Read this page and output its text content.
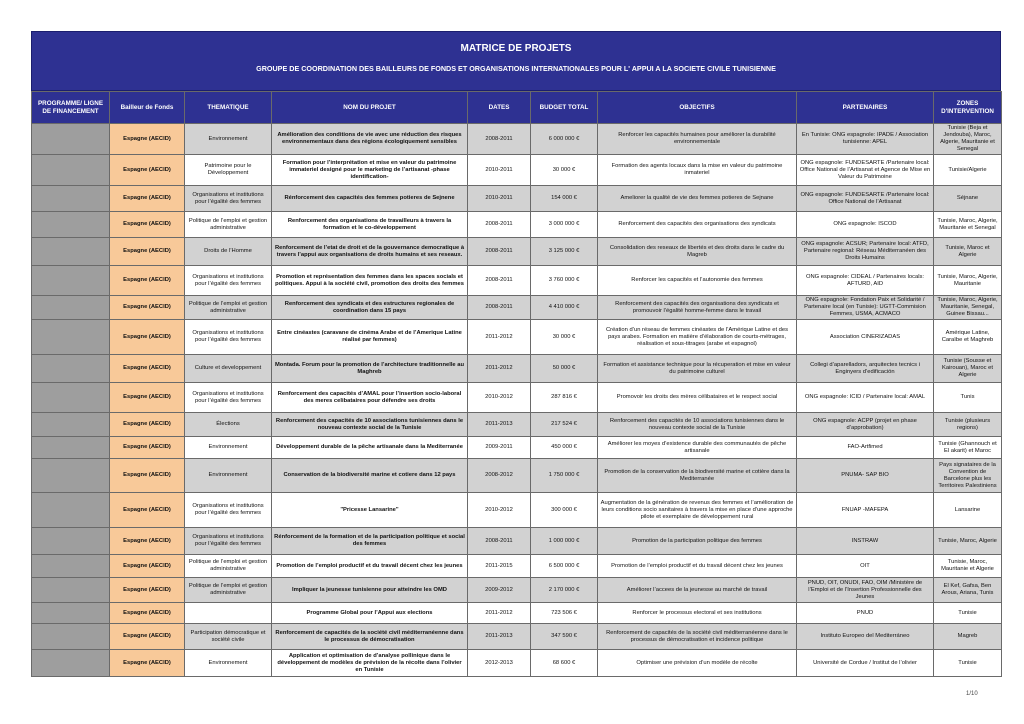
MATRICE DE PROJETS
GROUPE DE COORDINATION DES BAILLEURS DE FONDS ET ORGANISATIONS INTERNATIONALES POUR L' APPUI A LA SOCIETE CIVILE TUNISIENNE
PROGRAMME/ LIGNE DE FINANCEMENT	Bailleur de Fonds	THEMATIQUE	NOM DU PROJET	DATES	BUDGET TOTAL	OBJECTIFS	PARTENAIRES	ZONES D'INTERVENTION
	Espagne (AECID)	Environnement	Amélioration des conditions de vie avec une réduction des risques environnementaux dans des régions écologiquement sensibles	2008-2011	6 000 000 €	Renforcer les capacités humaines pour améliorer la durabilité environnementale	En Tunisie: ONG espagnole: IPADE / Association tunisienne: APEL	Tunisie (Beja et Jendouba), Maroc, Algerie, Mauritanie et Senegal
	Espagne (AECID)	Patrimoine pour le Développement	Formation pour l’interprétation et mise en valeur du patrimoine immateriel designé pour le marketing de l’artisanat -phase identification-	2010-2011	30 000 €	Formation des agents locaux dans la mise en valeur du patrimoine inmateriel	ONG espagnole: FUNDESARTE /Partenaire local: Office National de l’Artisanat et Agence de Mise en Valeur du Patrimoine	Tunisie/Algerie
	Espagne (AECID)	Organisations et institutions pour l’égalité des femmes	Rénforcement des capacités des femmes potieres de Sejnene	2010-2011	154 000 €	Ameliorer la qualité de vie des femmes potieres de Sejnane	ONG espagnole: FUNDESARTE /Partenaire local: Office National de l’Artisanat	Séjnane
	Espagne (AECID)	Politique de l’emploi et gestion administrative	Renforcement des organisations de travailleurs à travers la formation et le co-développement	2008-2011	3 000 000 €	Renforcement des capacités des organisations des syndicats	ONG espagnole: ISCOD	Tunisie, Maroc, Algerie, Mauritanie et Senegal
	Espagne (AECID)	Droits de l’Homme	Renforcement de l’etat de droit et de la gouvernance democratique à travers l’appui aux organisations de droits humains et ses reseaux.	2008-2011	3 125 000 €	Consolidation des reseaux de libertés et des droits dans le cadre du Magreb	ONG espagnole: ACSUR; Partenaire local: ATFD, Partenaire regional: Réseau Méditerranéen des Droits Humains	Tunisie, Maroc et Algerie
	Espagne (AECID)	Organisations et institutions pour l’égalité des femmes	Promotion et représentation des femmes dans les spaces socials et politiques. Appui à la société civil, promotion des droits des femmes	2008-2011	3 760 000 €	Renforcer les capacités et l’autonomie des femmes	ONG espagnole: CIDEAL / Partenaires locals: AFTURD, AID	Tunisie, Maroc, Algerie, Mauritanie
	Espagne (AECID)	Politique de l’emploi et gestion administrative	Renforcement des syndicats et des estructures regionales de coordination dans 15 pays	2008-2011	4 410 000 €	Renforcement des capacités des organisations des syndicats et promouvoir l’égalité homme-femme dans le travail	ONG espagnole: Fondation Paix et Solidarité / Partenaire local (en Tunisie): UGTT-Commision Femmes, USMA, ACMACO	Tunisie, Maroc, Algerie, Mauritanie, Senegal, Guinee Bissau...
	Espagne (AECID)	Organisations et institutions pour l’égalité des femmes	Entre cinéastes (caravane de cinéma Arabe et de l’Amerique Latine réalisé par femmes)	2011-2012	30 000 €	Création d’un réseau de femmes cinéastes de l’Amérique Latine et des pays arabes. Formation en matière d’élaboration de courts-métrages, réalisation et sous-titrages (arabe et espagnol)	Association CINERIZADAS	Amérique Latine, Caraïbe et Maghreb
	Espagne (AECID)	Culture et developpement	Montada. Forum pour la promotion de l’architecture traditionnelle au Maghreb	2011-2012	50 000 €	Formation et assistance technique pour la récuperation et mise en valeur du patrimoine culturel	Collegi d’aparelladors, arquitectes tecnics i Enginyers d’edificación	Tunisie (Sousse et Kairouan), Maroc et Algerie
	Espagne (AECID)	Organisations et institutions pour l’égalité des femmes	Renforcement des capacités d’AMAL pour l’insertion socio-laboral des meres celibataires pour défendre ses droits	2010-2012	287 816 €	Promovoir les droits des mères célibataires et le respect social	ONG espagnole: ICID / Partenaire local: AMAL	Tunis
	Espagne (AECID)	Élections	Renforcement des capacités de 10 associations tunisiennes dans le nouveau contexte social de la Tunisie	2011-2013	217 524 €	Renforcement des capacités de 10 associations tunisiennes dans le nouveau contexte social de la Tunisie	ONG espagnole: ACPP (projet en phase d’approbation)	Tunisie (plusieurs regions)
	Espagne (AECID)	Environnement	Développement durable de la pêche artisanale dans la Mediterranée	2009-2011	450 000 €	Améliorer les moyes d’existence durable des communautés de pêche artisanale	FAO-Artfimed	Tunisie (Ghannouch et El akarit) et Maroc
	Espagne (AECID)	Environnement	Conservation de la biodiversité marine et cotiere dans 12 pays	2008-2012	1 750 000 €	Promotion de la conservation de la biodiversité marine et cotière dans la Mediterranée	PNUMA- SAP BIO	Pays signataires de la Convention de Barcelone plus les Territoires Palestiniens
	Espagne (AECID)	Organisations et institutions pour l’égalité des femmes	"Pricesse Lansarine"	2010-2012	300 000 €	Augmentation de la génération de revenus des femmes et l’amélioration de leurs conditions socio sanitaires à travers la mise en place d’une approche pilote et exemplaire de développement rural	FNUAP -MAFEPA	Lansarine
	Espagne (AECID)	Organisations et institutions pour l’égalité des femmes	Rénforcement de la formation et de la participation politique et social des femmes	2008-2011	1 000 000 €	Promotion de la participation politique des femmes	INSTRAW	Tunisie, Maroc, Algerie
	Espagne (AECID)	Politique de l’emploi et gestion administrative	Promotion de l’emploi productif et du travail décent chez les jeunes	2011-2015	6 500 000 €	Promotion de l’emploi productif et du travail décent chez les jeunes	OIT	Tunisie, Maroc, Mauritanie et Algerie
	Espagne (AECID)	Politique de l’emploi et gestion administrative	Impliquer la jeunesse tunisienne pour atteindre les OMD	2009-2012	2 170 000 €	Améliorer l’accees de la jeunesse au marché de travail	PNUD, OIT, ONUDI, FAO, OIM /Ministère de l’Emploi et de l’Insertion Professionnelle des Jeunes	El Kef, Gafsa, Ben Arous, Ariana, Tunis
	Espagne (AECID)		Programme Global pour l’Appui aux elections	2011-2012	723 506 €	Renforcer le processus electoral et ses institutions	PNUD	Tunisie
	Espagne (AECID)	Participation démocratique et société civile	Renforcement de capacités de la société civil méditerranéenne dans le processus de démocratisation	2011-2013	347 590 €	Renforcement de capacités de la société civil méditerranéenne dans le processus de démocratisation et incidence politique	Instituto Europeo del Mediterráneo	Magreb
	Espagne (AECID)	Environnement	Application et optimisation de d’analyse pollinique dans le développement de modèles de prévision de la récolte dans l’olivier en Tunisie	2012-2013	68 600 €	Optimiser une prévision d’un modèle de récolte	Université de Cordue / Institut de l’olivier	Tunisie
1/10
